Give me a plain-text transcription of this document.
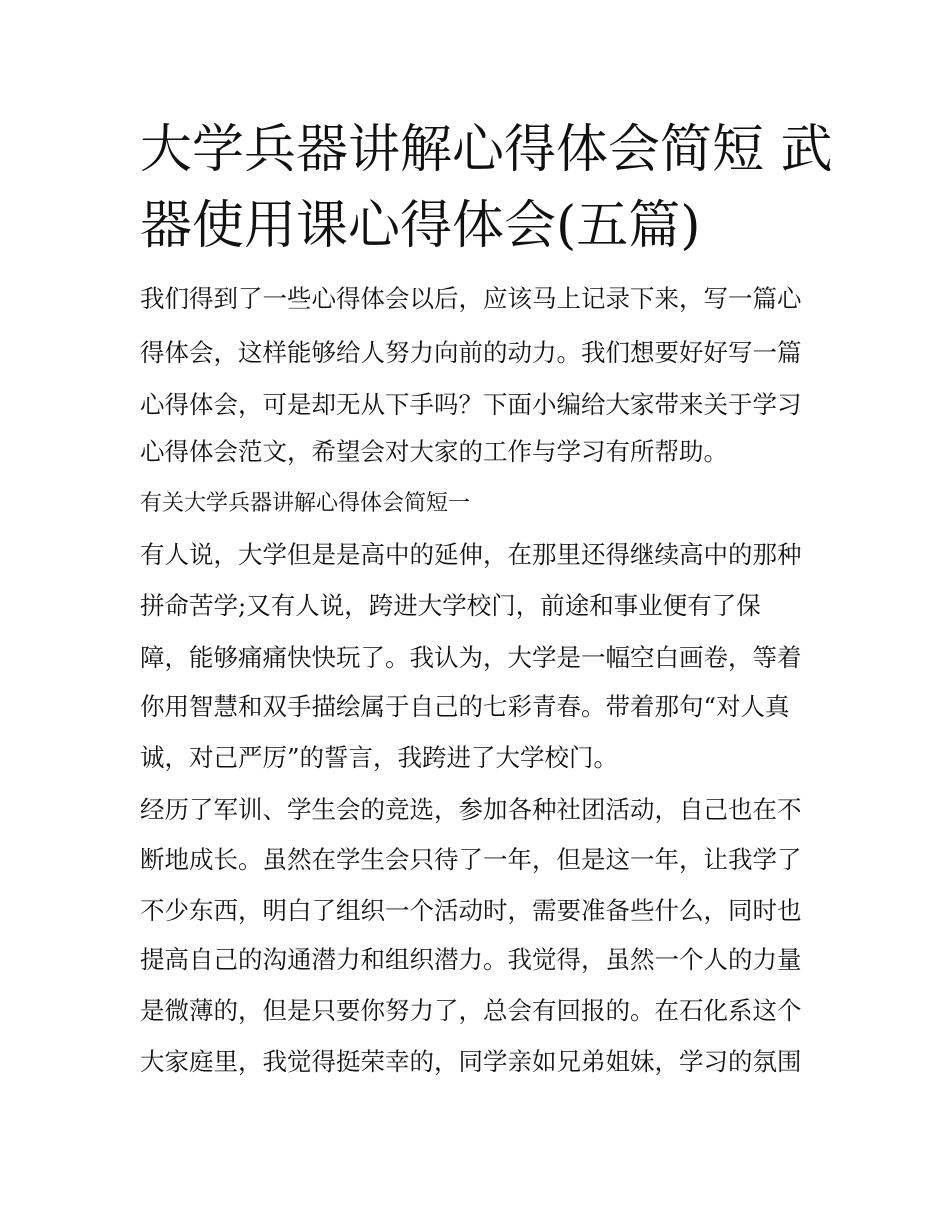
大学兵器讲解心得体会简短 武
器使用课心得体会(五篇)

我们得到了一些心得体会以后，应该马上记录下来，写一篇心

得体会，这样能够给人努力向前的动力。我们想要好好写一篇

心得体会，可是却无从下手吗？下面小编给大家带来关于学习

心得体会范文，希望会对大家的工作与学习有所帮助。

有关大学兵器讲解心得体会简短一

有人说，大学但是是高中的延伸，在那里还得继续高中的那种

拼命苦学;又有人说，跨进大学校门，前途和事业便有了保

障，能够痛痛快快玩了。我认为，大学是一幅空白画卷，等着

你用智慧和双手描绘属于自己的七彩青春。带着那句“对人真

诚，对己严厉”的誓言，我跨进了大学校门。

经历了军训、学生会的竞选，参加各种社团活动，自己也在不

断地成长。虽然在学生会只待了一年，但是这一年，让我学了

不少东西，明白了组织一个活动时，需要准备些什么，同时也

提高自己的沟通潜力和组织潜力。我觉得，虽然一个人的力量

是微薄的，但是只要你努力了，总会有回报的。在石化系这个

大家庭里，我觉得挺荣幸的，同学亲如兄弟姐妹，学习的氛围
